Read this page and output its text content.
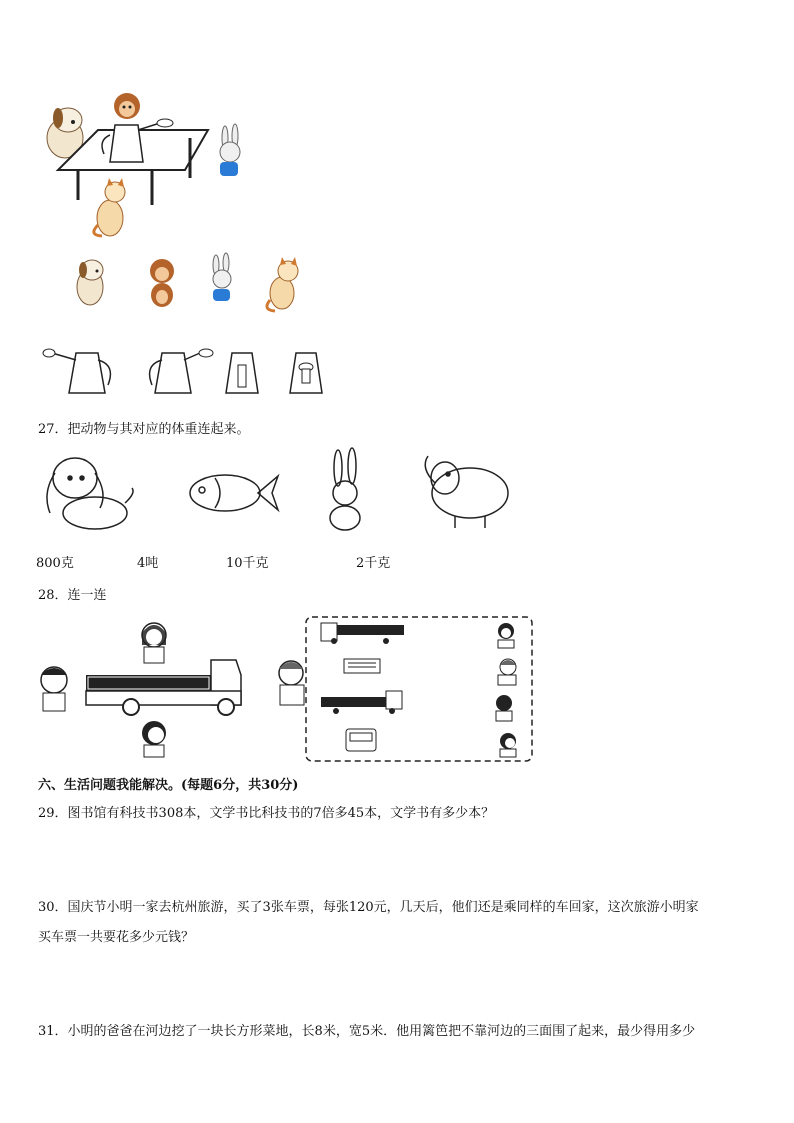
27．把动物与其对应的体重连起来。
800克	4吨	10千克	2千克
28．连一连
六、生活问题我能解决。(每题6分，共30分)
29．图书馆有科技书308本，文学书比科技书的7倍多45本，文学书有多少本？
30．国庆节小明一家去杭州旅游，买了3张车票，每张120元，几天后，他们还是乘同样的车回家，这次旅游小明家
买车票一共要花多少元钱？
31．小明的爸爸在河边挖了一块长方形菜地，长8米，宽5米．他用篱笆把不靠河边的三面围了起来，最少得用多少
